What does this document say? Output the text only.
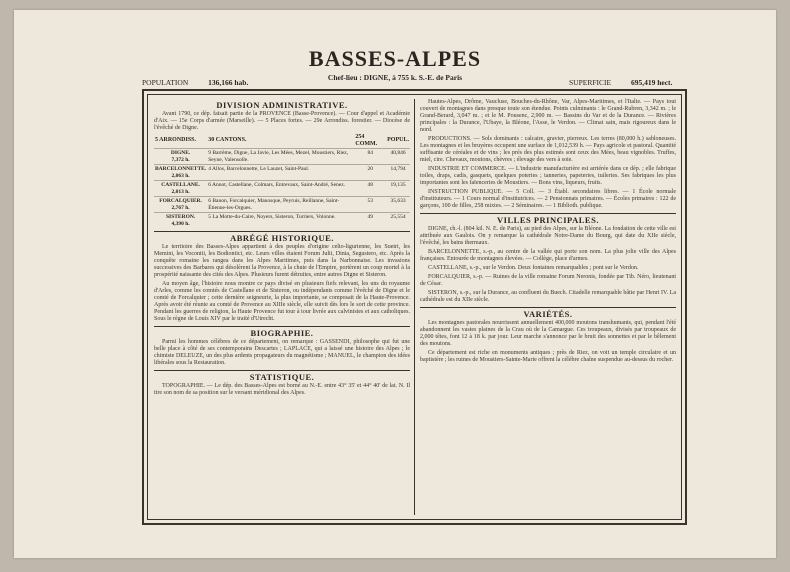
BASSES-ALPES
Chef-lieu : DIGNE, à 755 k. S.-E. de Paris
POPULATION	136,166 hab.	SUPERFICIE	695,419 hect.
DIVISION ADMINISTRATIVE.

Avant 1790, ce dép. faisait partie de la PROVENCE (Basse-Provence). — Cour d'appel et Académie d'Aix. — 15e Corps d'armée (Marseille). — 5 Places fortes. — 29e Arrondiss. forestier. — Diocèse de l'évêché de Digne.

5 ARRONDISS.	30 CANTONS.	254 COMM.	POPUL.

DIGNE.
7,372 h.	9 Barrême, Digne, La Javie, Les Mées, Mezel, Moustiers, Riez, Seyne, Valensolle.	84	40,846

BARCELONNETTE.
2,063 h.	4 Allos, Barcelonnette, Le Lauzet, Saint-Paul.	20	14,794

CASTELLANE.
2,013 h.	6 Annot, Castellane, Colmars, Entrevaux, Saint-André, Senez.	48	19,135

FORCALQUIER.
2,767 h.	6 Banon, Forcalquier, Manosque, Peyruis, Reillanne, Saint-Étienne-les-Orgues.	53	35,633

SISTERON.
4,390 h.	5 La Motte-du-Caire, Noyers, Sisteron, Turriers, Volonne.	49	25,554
ABRÉGÉ HISTORIQUE.

Le territoire des Basses-Alpes appartient à des peuples d'origine celto-ligurienne, les Suetri, les Memini, les Vocontii, les Bodiontici, etc. Leurs villes étaient Forum Julii, Dinia, Segustero, etc. Après la conquête romaine les rangea dans les Alpes Maritimes, puis dans la Narbonnaise. Les invasions successives des Barbares qui désolèrent la Provence, à la chute de l'Empire, portèrent un coup mortel à la prospérité naissante des cités des Alpes. Plusieurs furent détruites, entre autres Digne et Sisteron.

Au moyen âge, l'histoire nous montre ce pays divisé en plusieurs fiefs relevant, les uns du royaume d'Arles, comme les comtés de Castellane et de Sisteron, ou indépendants comme l'évêché de Digne et le comté de Forcalquier ; cette dernière seigneurie, la plus importante, se composait de la Haute-Provence. Après avoir été réunie au comté de Provence au XIIIe siècle, elle suivit dès lors le sort de cette province. Pendant les guerres de religion, la Haute Provence fut tour à tour livrée aux calvinistes et aux catholiques. Sous le règne de Louis XIV par le traité d'Utrecht.

BIOGRAPHIE.

Parmi les hommes célèbres de ce département, on remarque : GASSENDI, philosophe qui fut une belle place à côté de ses contemporains Descartes ; LAPLACE, qui a laissé une histoire des Alpes ; le chimiste DELEUZE, un des plus ardents propagateurs du magnétisme ; MANUEL, le champion des idées libérales sous la Restauration.

STATISTIQUE.

TOPOGRAPHIE. — Le dép. des Basses-Alpes est borné au N.-E. entre 43° 35' et 44° 40' de lat. N. Il tire son nom de sa position sur le versant méridional des Alpes.

Hautes-Alpes, Drôme, Vaucluse, Bouches-du-Rhône, Var, Alpes-Maritimes, et l'Italie. — Pays tout couvert de montagnes dans presque toute son étendue. Points culminants : le Grand-Rubren, 3,342 m. ; le Grand-Berard, 3,047 m. ; et le M. Pousenc, 2,900 m. — Bassins du Var et de la Durance. — Rivières principales : la Durance, l'Ubaye, la Bléone, l'Asse, le Verdon. — Climat sain, mais rigoureux dans le nord.

PRODUCTIONS. — Sols dominants : calcaire, gravier, pierreux. Les terres (80,000 h.) sabloneuses. Les montagnes et les bruyères occupent une surface de 1,012,539 h. — Pays agricole et pastoral. Quantité suffisante de céréales et de vins ; les prés des plus estimés sont ceux des Mées, beau vignobles. Truffes, miel, cire. Chevaux, moutons, chèvres ; élevage des vers à soie.

INDUSTRIE ET COMMERCE. — L'industrie manufacturière est arriérée dans ce dép. ; elle fabrique toiles, draps, cadis, gasquets, quelques poteries ; tanneries, papeteries, tuileries. Ses fabriques les plus importantes sont les faïenceries de Moustiers. — Bons vins, liqueurs, fruits.

INSTRUCTION PUBLIQUE. — 5 Coll. — 3 Établ. secondaires libres. — 1 École normale d'instituteurs. — 1 Cours normal d'institutrices. — 2 Pensionnats primaires. — Écoles primaires : 122 de garçons, 100 de filles, 258 mixtes. — 2 Séminaires. — 1 Biblioth. publique.

VILLES PRINCIPALES.

DIGNE, ch.-l. (804 kil. N. E. de Paris), au pied des Alpes, sur la Bléone. La fondation de cette ville est attribuée aux Gaulois. On y remarque la cathédrale Notre-Dame du Bourg, qui date du XIIe siècle, l'évêché, les bains thermaux.

BARCELONNETTE, s.-p., au centre de la vallée qui porte son nom. La plus jolie ville des Alpes françaises. Entourée de montagnes élevées. — Collège, place d'armes.

CASTELLANE, s.-p., sur le Verdon. Deux fontaines remarquables ; pont sur le Verdon.

FORCALQUIER, s.-p. — Ruines de la ville romaine Forum Neronis, fondée par Tib. Néro, lieutenant de César.

SISTERON, s.-p., sur la Durance, au confluent du Buech. Citadelle remarquable bâtie par Henri IV. La cathédrale est du XIIe siècle.

VARIÉTÉS.

Les montagnes pastorales nourrissent annuellement 400,000 moutons transhumants, qui, pendant l'été abandonnent les vastes plaines de la Crau où de la Camargue. Ces troupeaux, divisés par troupeaux de 2,000 têtes, font 12 à 18 k. par jour. Leur marche s'annonce par le bruit des sonnettes et par le bêlement des moutons.

Ce département est riche en monuments antiques ; près de Riez, on voit un temple circulaire et un baptistère ; les ruines de Moustiers-Sainte-Marie offrent la célèbre chaîne suspendue au-dessus du rocher.
